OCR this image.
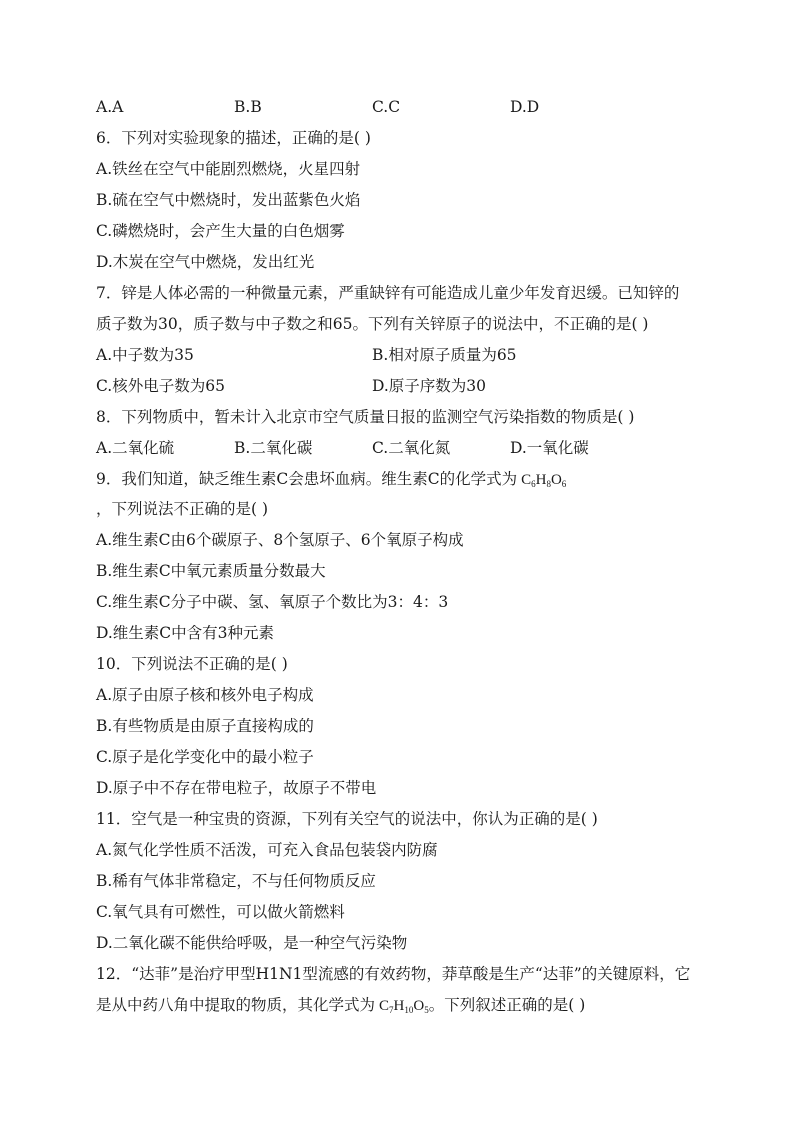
A.A	B.B	C.C	D.D
6．下列对实验现象的描述，正确的是( )
A.铁丝在空气中能剧烈燃烧，火星四射
B.硫在空气中燃烧时，发出蓝紫色火焰
C.磷燃烧时，会产生大量的白色烟雾
D.木炭在空气中燃烧，发出红光
7．锌是人体必需的一种微量元素，严重缺锌有可能造成儿童少年发育迟缓。已知锌的
质子数为30，质子数与中子数之和65。下列有关锌原子的说法中，不正确的是( )
A.中子数为35	B.相对原子质量为65
C.核外电子数为65	D.原子序数为30
8．下列物质中，暂未计入北京市空气质量日报的监测空气污染指数的物质是( )
A.二氧化硫	B.二氧化碳	C.二氧化氮	D.一氧化碳
9．我们知道，缺乏维生素C会患坏血病。维生素C的化学式为 $C_6H_8O_6$
，下列说法不正确的是( )
A.维生素C由6个碳原子、8个氢原子、6个氧原子构成
B.维生素C中氧元素质量分数最大
C.维生素C分子中碳、氢、氧原子个数比为3：4：3
D.维生素C中含有3种元素
10．下列说法不正确的是( )
A.原子由原子核和核外电子构成
B.有些物质是由原子直接构成的
C.原子是化学变化中的最小粒子
D.原子中不存在带电粒子，故原子不带电
11．空气是一种宝贵的资源，下列有关空气的说法中，你认为正确的是( )
A.氮气化学性质不活泼，可充入食品包装袋内防腐
B.稀有气体非常稳定，不与任何物质反应
C.氧气具有可燃性，可以做火箭燃料
D.二氧化碳不能供给呼吸，是一种空气污染物
12．“达菲”是治疗甲型H1N1型流感的有效药物，莽草酸是生产“达菲”的关键原料，它
是从中药八角中提取的物质，其化学式为 $C_7H_{10}O_5$。下列叙述正确的是( )
